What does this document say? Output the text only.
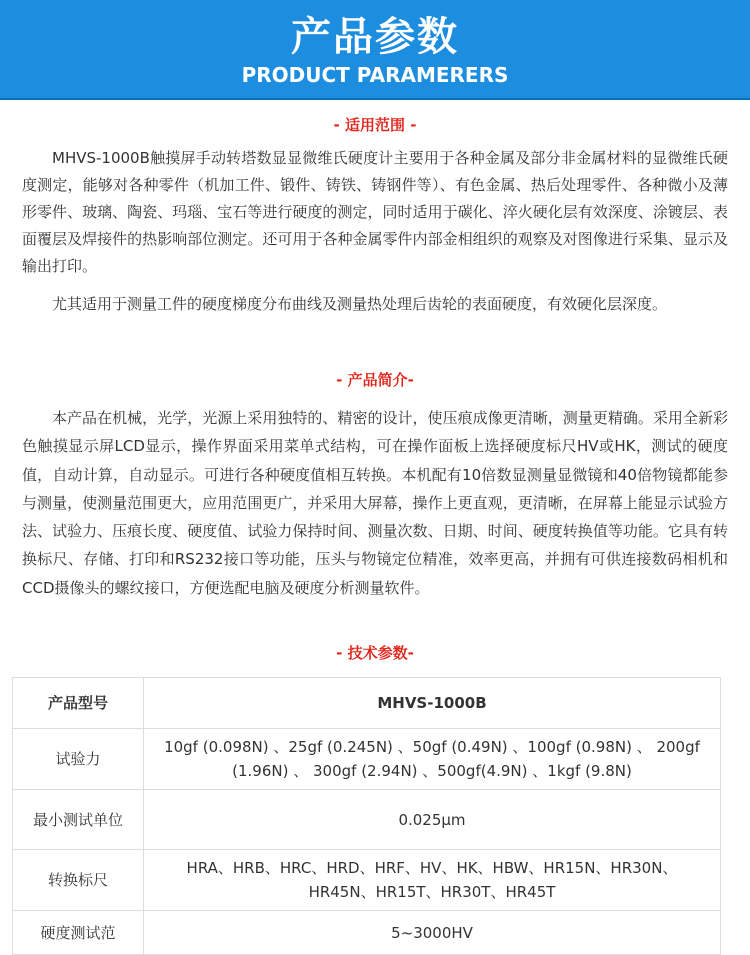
产品参数
PRODUCT PARAMERERS
- 适用范围 -

MHVS-1000B触摸屏手动转塔数显显微维氏硬度计主要用于各种金属及部分非金属材料的显微维氏硬度测定，能够对各种零件（机加工件、锻件、铸铁、铸钢件等）、有色金属、热后处理零件、各种微小及薄形零件、玻璃、陶瓷、玛瑙、宝石等进行硬度的测定，同时适用于碳化、淬火硬化层有效深度、涂镀层、表面覆层及焊接件的热影响部位测定。还可用于各种金属零件内部金相组织的观察及对图像进行采集、显示及输出打印。

尤其适用于测量工件的硬度梯度分布曲线及测量热处理后齿轮的表面硬度，有效硬化层深度。

- 产品简介-

本产品在机械，光学，光源上采用独特的、精密的设计，使压痕成像更清晰，测量更精确。采用全新彩色触摸显示屏LCD显示，操作界面采用菜单式结构，可在操作面板上选择硬度标尺HV或HK，测试的硬度值，自动计算，自动显示。可进行各种硬度值相互转换。本机配有10倍数显测量显微镜和40倍物镜都能参与测量，使测量范围更大，应用范围更广，并采用大屏幕，操作上更直观，更清晰，在屏幕上能显示试验方法、试验力、压痕长度、硬度值、试验力保持时间、测量次数、日期、时间、硬度转换值等功能。它具有转换标尺、存储、打印和RS232接口等功能，压头与物镜定位精准，效率更高，并拥有可供连接数码相机和CCD摄像头的螺纹接口，方便选配电脑及硬度分析测量软件。

- 技术参数-
产品型号	MHVS-1000B
试验力	10gf (0.098N) 、25gf (0.245N) 、50gf (0.49N) 、100gf (0.98N) 、 200gf (1.96N) 、 300gf (2.94N) 、500gf(4.9N) 、1kgf (9.8N)
最小测试单位	0.025μm
转换标尺	HRA、HRB、HRC、HRD、HRF、HV、HK、HBW、HR15N、HR30N、HR45N、HR15T、HR30T、HR45T
硬度测试范	5~3000HV
